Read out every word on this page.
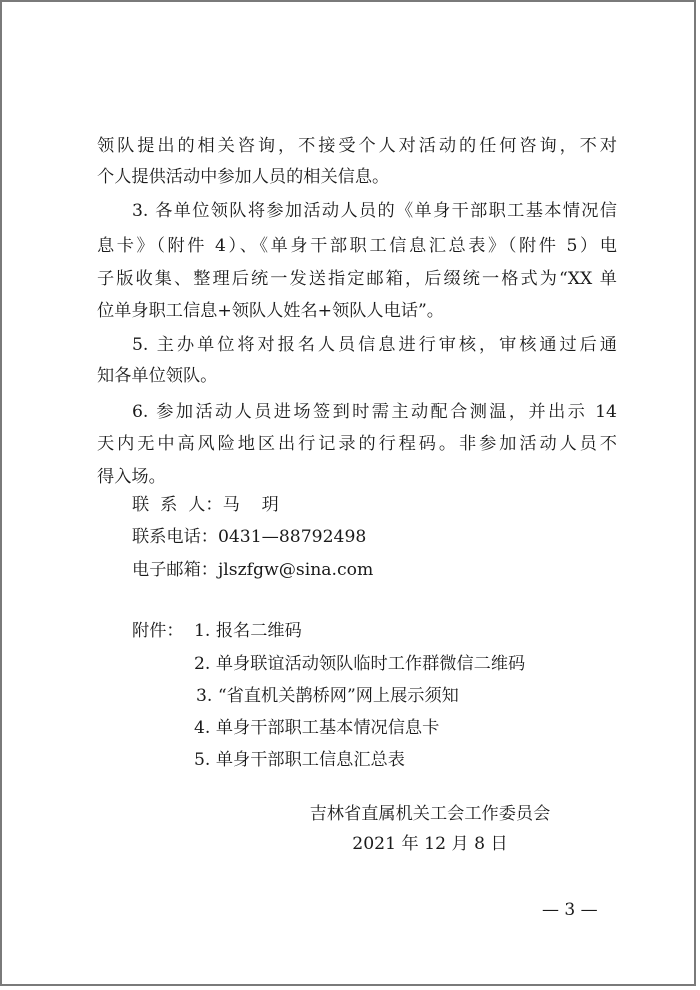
领队提出的相关咨询，不接受个人对活动的任何咨询，不对
个人提供活动中参加人员的相关信息。
3. 各单位领队将参加活动人员的《单身干部职工基本情况信
息卡》（附件 4）、《单身干部职工信息汇总表》（附件 5）电
子版收集、整理后统一发送指定邮箱，后缀统一格式为“XX 单
位单身职工信息+领队人姓名+领队人电话”。
5. 主办单位将对报名人员信息进行审核，审核通过后通
知各单位领队。
6. 参加活动人员进场签到时需主动配合测温，并出示 14
天内无中高风险地区出行记录的行程码。非参加活动人员不
得入场。
联  系  人：马    玥
联系电话：0431—88792498
电子邮箱：jlszfgw@sina.com
附件： 1. 报名二维码
2. 单身联谊活动领队临时工作群微信二维码
3. “省直机关鹊桥网”网上展示须知
4. 单身干部职工基本情况信息卡
5. 单身干部职工信息汇总表
吉林省直属机关工会工作委员会
2021 年 12 月 8 日
— 3 —
